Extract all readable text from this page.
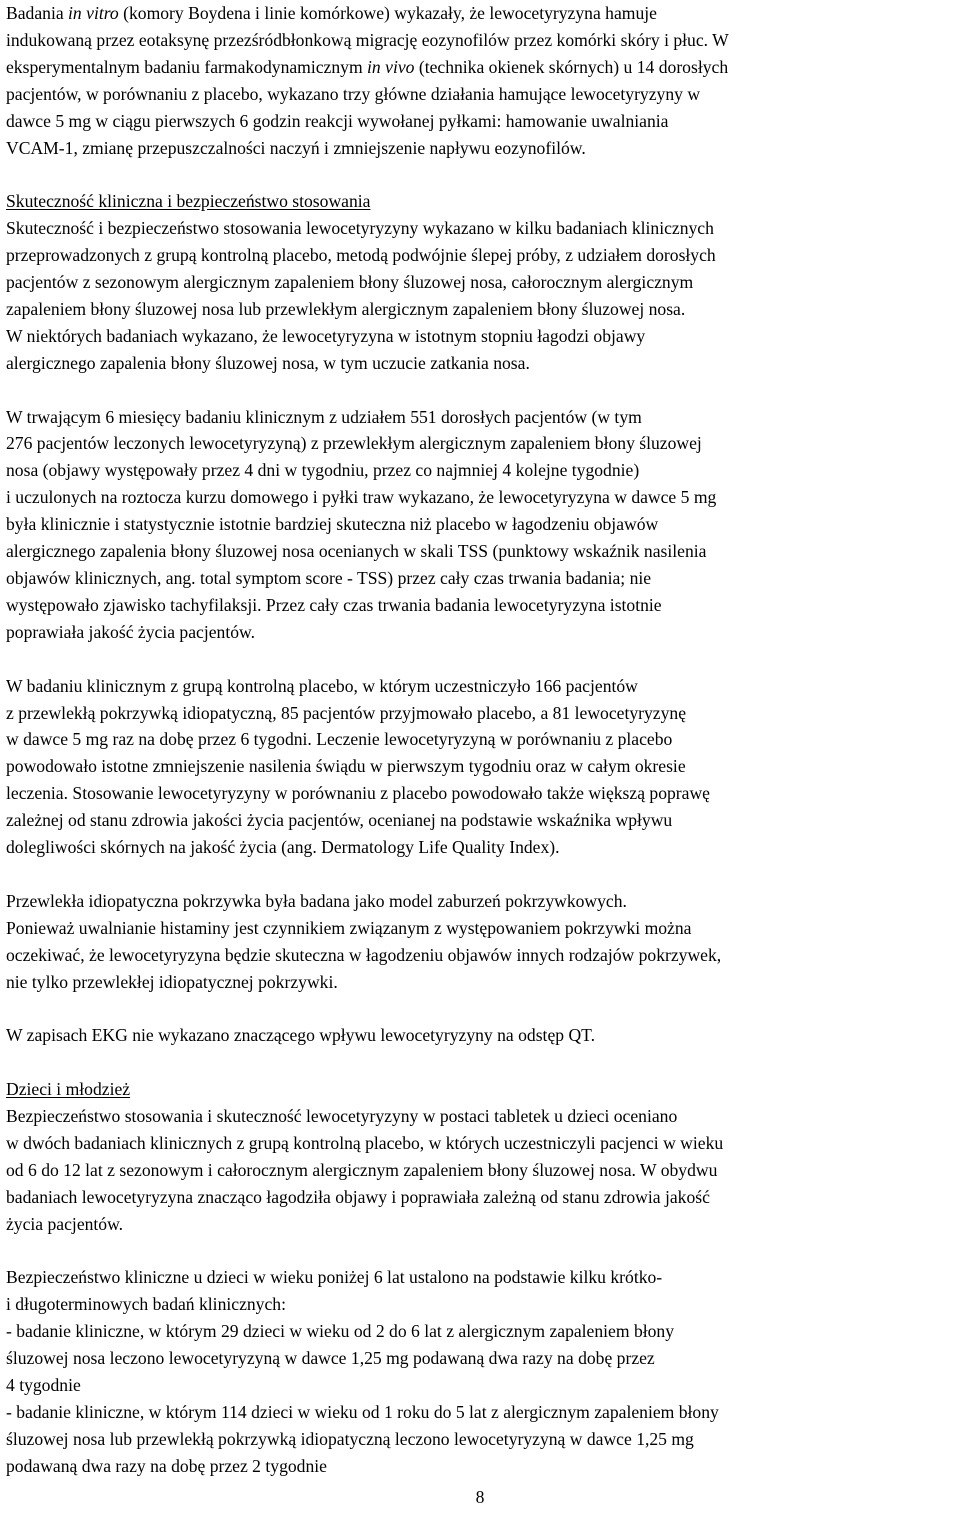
Badania in vitro (komory Boydena i linie komórkowe) wykazały, że lewocetyryzyna hamuje
indukowaną przez eotaksynę przezśródbłonkową migrację eozynofilów przez komórki skóry i płuc. W
eksperymentalnym badaniu farmakodynamicznym in vivo (technika okienek skórnych) u 14 dorosłych
pacjentów, w porównaniu z placebo, wykazano trzy główne działania hamujące lewocetyryzyny w
dawce 5 mg w ciągu pierwszych 6 godzin reakcji wywołanej pyłkami: hamowanie uwalniania
VCAM-1, zmianę przepuszczalności naczyń i zmniejszenie napływu eozynofilów.
Skuteczność kliniczna i bezpieczeństwo stosowania
Skuteczność i bezpieczeństwo stosowania lewocetyryzyny wykazano w kilku badaniach klinicznych
przeprowadzonych z grupą kontrolną placebo, metodą podwójnie ślepej próby, z udziałem dorosłych
pacjentów z sezonowym alergicznym zapaleniem błony śluzowej nosa, całorocznym alergicznym
zapaleniem błony śluzowej nosa lub przewlekłym alergicznym zapaleniem błony śluzowej nosa.
W niektórych badaniach wykazano, że lewocetyryzyna w istotnym stopniu łagodzi objawy
alergicznego zapalenia błony śluzowej nosa, w tym uczucie zatkania nosa.
W trwającym 6 miesięcy badaniu klinicznym z udziałem 551 dorosłych pacjentów (w tym
276 pacjentów leczonych lewocetyryzyną) z przewlekłym alergicznym zapaleniem błony śluzowej
nosa (objawy występowały przez 4 dni w tygodniu, przez co najmniej 4 kolejne tygodnie)
i uczulonych na roztocza kurzu domowego i pyłki traw wykazano, że lewocetyryzyna w dawce 5 mg
była klinicznie i statystycznie istotnie bardziej skuteczna niż placebo w łagodzeniu objawów
alergicznego zapalenia błony śluzowej nosa ocenianych w skali TSS (punktowy wskaźnik nasilenia
objawów klinicznych, ang. total symptom score - TSS) przez cały czas trwania badania; nie
występowało zjawisko tachyfilaksji. Przez cały czas trwania badania lewocetyryzyna istotnie
poprawiała jakość życia pacjentów.
W badaniu klinicznym z grupą kontrolną placebo, w którym uczestniczyło 166 pacjentów
z przewlekłą pokrzywką idiopatyczną, 85 pacjentów przyjmowało placebo, a 81 lewocetyryzynę
w dawce 5 mg raz na dobę przez 6 tygodni. Leczenie lewocetyryzyną w porównaniu z placebo
powodowało istotne zmniejszenie nasilenia świądu w pierwszym tygodniu oraz w całym okresie
leczenia. Stosowanie lewocetyryzyny w porównaniu z placebo powodowało także większą poprawę
zależnej od stanu zdrowia jakości życia pacjentów, ocenianej na podstawie wskaźnika wpływu
dolegliwości skórnych na jakość życia (ang. Dermatology Life Quality Index).
Przewlekła idiopatyczna pokrzywka była badana jako model zaburzeń pokrzywkowych.
Ponieważ uwalnianie histaminy jest czynnikiem związanym z występowaniem pokrzywki można
oczekiwać, że lewocetyryzyna będzie skuteczna w łagodzeniu objawów innych rodzajów pokrzywek,
nie tylko przewlekłej idiopatycznej pokrzywki.
W zapisach EKG nie wykazano znaczącego wpływu lewocetyryzyny na odstęp QT.
Dzieci i młodzież
Bezpieczeństwo stosowania i skuteczność lewocetyryzyny w postaci tabletek u dzieci oceniano
w dwóch badaniach klinicznych z grupą kontrolną placebo, w których uczestniczyli pacjenci w wieku
od 6 do 12 lat z sezonowym i całorocznym alergicznym zapaleniem błony śluzowej nosa. W obydwu
badaniach lewocetyryzyna znacząco łagodziła objawy i poprawiała zależną od stanu zdrowia jakość
życia pacjentów.
Bezpieczeństwo kliniczne u dzieci w wieku poniżej 6 lat ustalono na podstawie kilku krótko-
i długoterminowych badań klinicznych:
- badanie kliniczne, w którym 29 dzieci w wieku od 2 do 6 lat z alergicznym zapaleniem błony
śluzowej nosa leczono lewocetyryzyną w dawce 1,25 mg podawaną dwa razy na dobę przez
4 tygodnie
- badanie kliniczne, w którym 114 dzieci w wieku od 1 roku do 5 lat z alergicznym zapaleniem błony
śluzowej nosa lub przewlekłą pokrzywką idiopatyczną leczono lewocetyryzyną w dawce 1,25 mg
podawaną dwa razy na dobę przez 2 tygodnie
8
